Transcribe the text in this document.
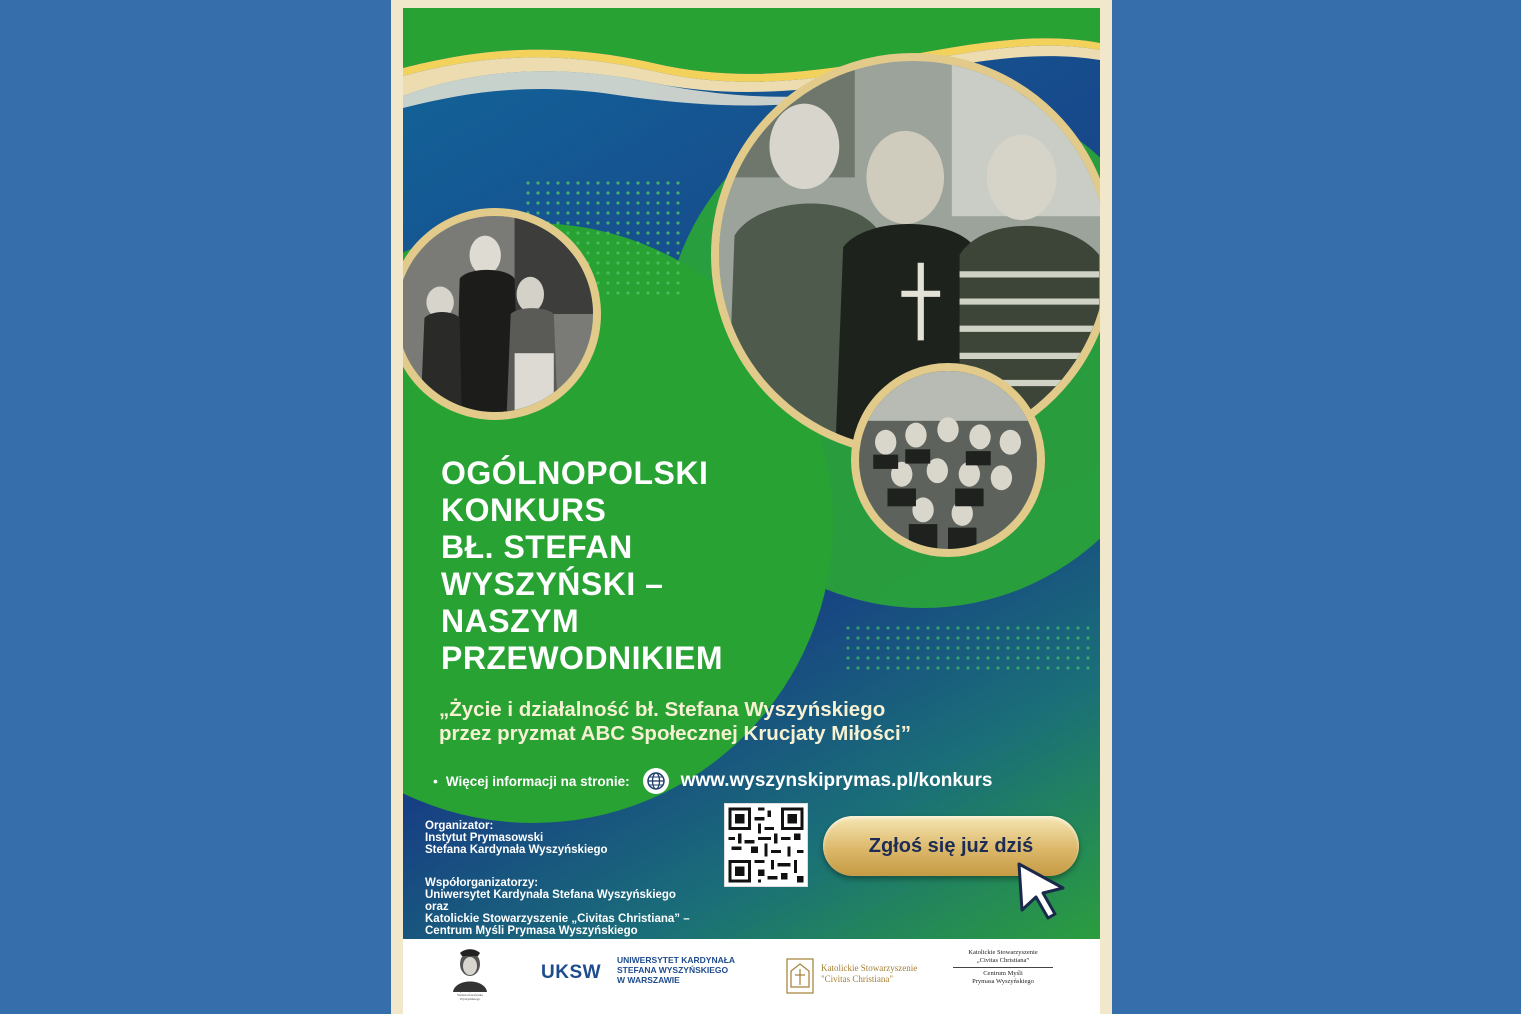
OGÓLNOPOLSKI
KONKURS
BŁ. STEFAN
WYSZYŃSKI –
NASZYM
PRZEWODNIKIEM
„Życie i działalność bł. Stefana Wyszyńskiego
przez pryzmat ABC Społecznej Krucjaty Miłości”
• Więcej informacji na stronie:	www.wyszynskiprymas.pl/konkurs
Organizator:
Instytut Prymasowski
Stefana Kardynała Wyszyńskiego
Współorganizatorzy:
Uniwersytet Kardynała Stefana Wyszyńskiego
oraz
Katolickie Stowarzyszenie „Civitas Christiana” –
Centrum Myśli Prymasa Wyszyńskiego
Zgłoś się już dziś
Instytut Prymasowski
Stefana Kardynała
Wyszyńskiego
UKSW
UNIWERSYTET KARDYNAŁA
STEFANA WYSZYŃSKIEGO
W WARSZAWIE
Katolickie Stowarzyszenie
"Civitas Christiana"
Katolickie Stowarzyszenie
„Civitas Christiana”
Centrum Myśli
Prymasa Wyszyńskiego
